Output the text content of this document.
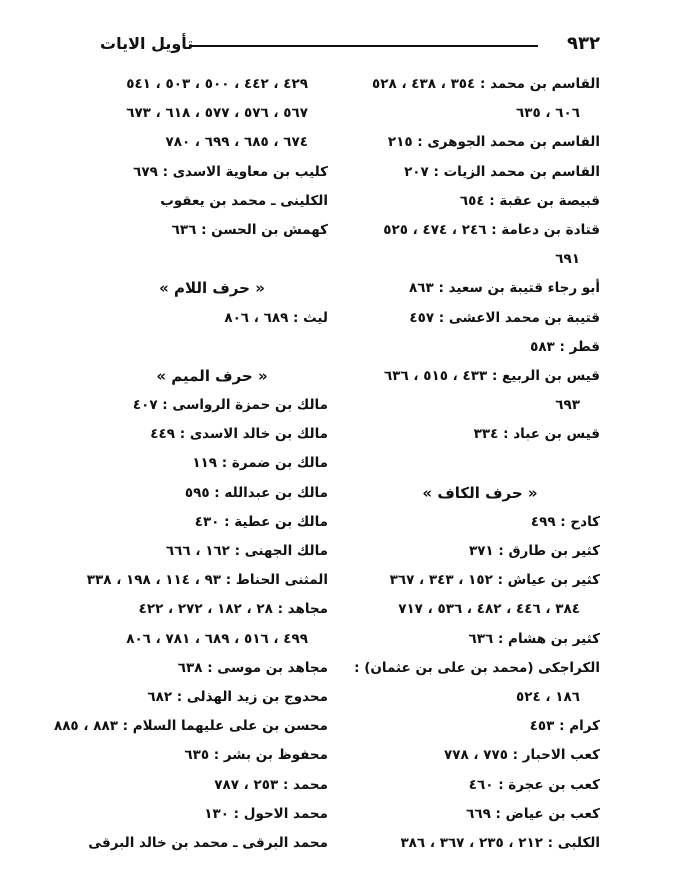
٩٣٢
تأويل الايات
القاسم بن محمد : ٣٥٤ ، ٤٣٨ ، ٥٢٨
٦٠٦ ، ٦٣٥
القاسم بن محمد الجوهرى : ٢١٥
القاسم بن محمد الزيات : ٢٠٧
قبيصة بن عقبة : ٦٥٤
قتادة بن دعامة : ٢٤٦ ، ٤٧٤ ، ٥٢٥
٦٩١
أبو رجاء قتيبة بن سعيد : ٨٦٣
قتيبة بن محمد الاعشى : ٤٥٧
قطر : ٥٨٣
قيس بن الربيع : ٤٣٣ ، ٥١٥ ، ٦٣٦
٦٩٣
قيس بن عباد : ٣٣٤
« حرف الكاف »
كادح : ٤٩٩
كثير بن طارق : ٣٧١
كثير بن عياش : ١٥٢ ، ٣٤٣ ، ٣٦٧
٣٨٤ ، ٤٤٦ ، ٤٨٢ ، ٥٣٦ ، ٧١٧
كثير بن هشام : ٦٣٦
الكراجكى (محمد بن على بن عثمان) :
١٨٦ ، ٥٢٤
كرام : ٤٥٣
كعب الاحبار : ٧٧٥ ، ٧٧٨
كعب بن عجرة : ٤٦٠
كعب بن عياض : ٦٦٩
الكلبى : ٢١٢ ، ٢٣٥ ، ٣٦٧ ، ٣٨٦
٤٢٩ ، ٤٤٢ ، ٥٠٠ ، ٥٠٣ ، ٥٤١
٥٦٧ ، ٥٧٦ ، ٥٧٧ ، ٦١٨ ، ٦٧٣
٦٧٤ ، ٦٨٥ ، ٦٩٩ ، ٧٨٠
كليب بن معاوية الاسدى : ٦٧٩
الكلينى ـ محمد بن يعقوب
كهمش بن الحسن : ٦٣٦
« حرف اللام »
ليث : ٦٨٩ ، ٨٠٦
« حرف الميم »
مالك بن حمزة الرواسى : ٤٠٧
مالك بن خالد الاسدى : ٤٤٩
مالك بن ضمرة : ١١٩
مالك بن عبدالله : ٥٩٥
مالك بن عطية : ٤٣٠
مالك الجهنى : ١٦٢ ، ٦٦٦
المثنى الحناط : ٩٣ ، ١١٤ ، ١٩٨ ، ٣٣٨
مجاهد : ٢٨ ، ١٨٢ ، ٢٧٢ ، ٤٢٢
٤٩٩ ، ٥١٦ ، ٦٨٩ ، ٧٨١ ، ٨٠٦
مجاهد بن موسى : ٦٣٨
محدوج بن زيد الهذلى : ٦٨٢
محسن بن على عليهما السلام : ٨٨٣ ، ٨٨٥
محفوظ بن بشر : ٦٣٥
محمد : ٢٥٣ ، ٧٨٧
محمد الاحول : ١٣٠
محمد البرقى ـ محمد بن خالد البرقى
